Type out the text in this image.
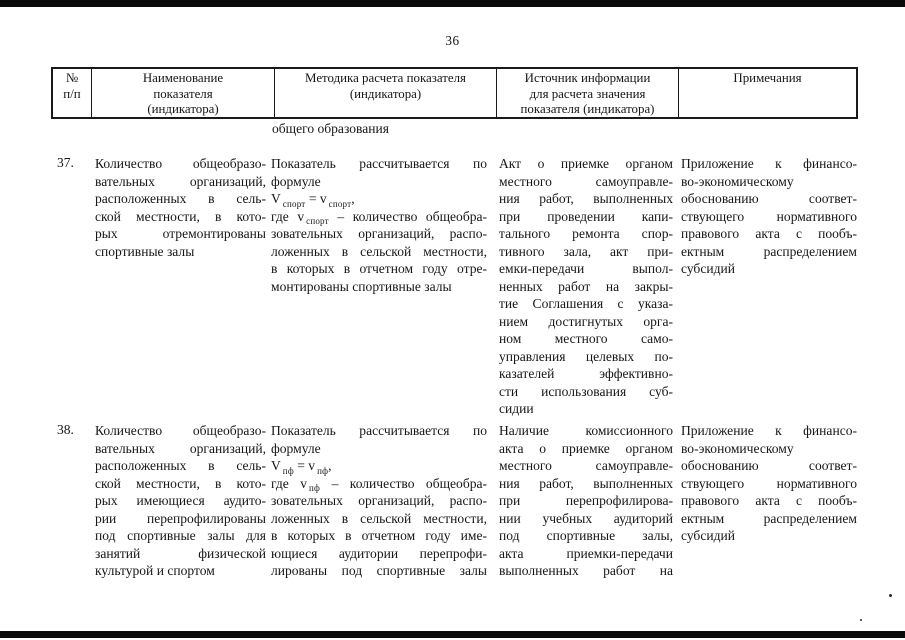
36
№
п/п
Наименование
показателя
(индикатора)
Методика расчета показателя
(индикатора)
Источник информации
для расчета значения
показателя (индикатора)
Примечания
общего образования
37.	Количество общеобразо-
вательных организаций,
расположенных в сель-
ской местности, в кото-
рых отремонтированы
спортивные залы
Показатель рассчитывается по
формуле
V $_{спорт}$ = v $_{спорт}$,
где v $_{спорт}$ – количество общеобра-
зовательных организаций, распо-
ложенных в сельской местности,
в которых в отчетном году отре-
монтированы спортивные залы
Акт о приемке органом
местного самоуправле-
ния работ, выполненных
при проведении капи-
тального ремонта спор-
тивного зала, акт при-
емки-передачи выпол-
ненных работ на закры-
тие Соглашения с указа-
нием достигнутых орга-
ном местного само-
управления целевых по-
казателей эффективно-
сти использования суб-
сидии
Приложение к финансо-
во-экономическому
обоснованию соответ-
ствующего нормативного
правового акта с пообъ-
ектным распределением
субсидий
38.	Количество общеобразо-
вательных организаций,
расположенных в сель-
ской местности, в кото-
рых имеющиеся аудито-
рии перепрофилированы
под спортивные залы для
занятий физической
культурой и спортом
Показатель рассчитывается по
формуле
V $_{пф}$ = v $_{пф}$,
где v $_{пф}$ – количество общеобра-
зовательных организаций, распо-
ложенных в сельской местности,
в которых в отчетном году име-
ющиеся аудитории перепрофи-
лированы под спортивные залы
Наличие комиссионного
акта о приемке органом
местного самоуправле-
ния работ, выполненных
при перепрофилирова-
нии учебных аудиторий
под спортивные залы,
акта приемки-передачи
выполненных работ на
Приложение к финансо-
во-экономическому
обоснованию соответ-
ствующего нормативного
правового акта с пообъ-
ектным распределением
субсидий
